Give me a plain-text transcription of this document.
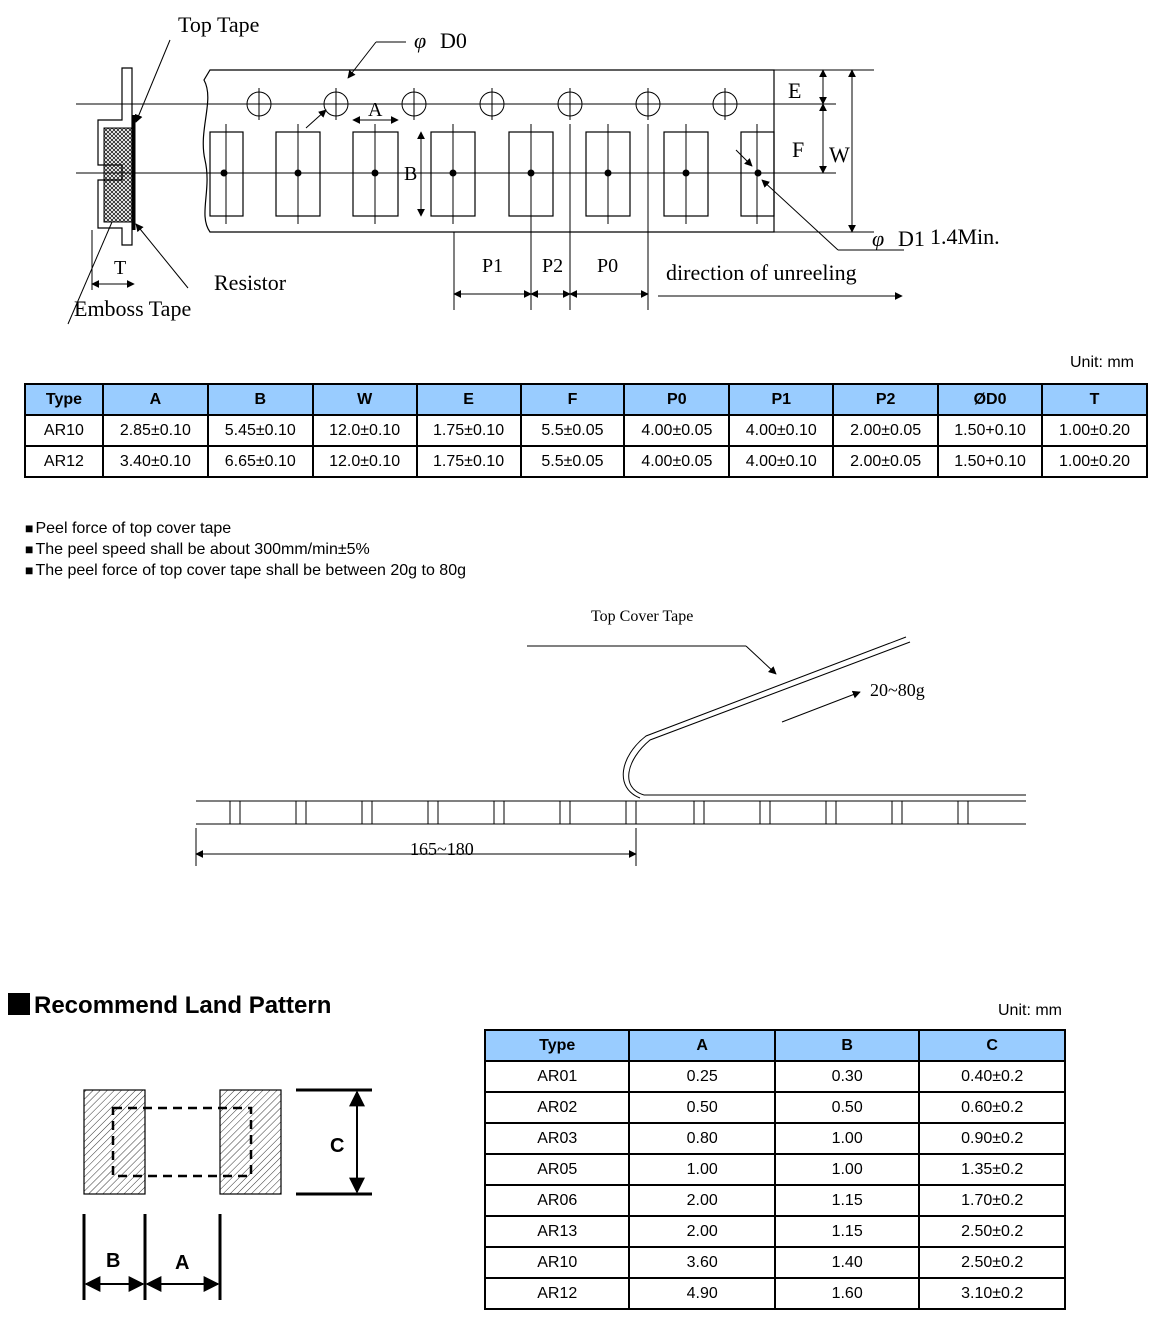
Top Tape
φ D0
A
B
E
F W
φ D1 1.4Min.
T
Resistor
Emboss Tape
P1 P2 P0 direction of unreeling
Unit: mm
Type	A	B	W	E	F	P0	P1	P2	ØD0	T
AR10	2.85±0.10	5.45±0.10	12.0±0.10	1.75±0.10	5.5±0.05	4.00±0.05	4.00±0.10	2.00±0.05	1.50+0.10	1.00±0.20
AR12	3.40±0.10	6.65±0.10	12.0±0.10	1.75±0.10	5.5±0.05	4.00±0.05	4.00±0.10	2.00±0.05	1.50+0.10	1.00±0.20
■ Peel force of top cover tape
■ The peel speed shall be about 300mm/min±5%
■ The peel force of top cover tape shall be between 20g to 80g
Top Cover Tape
20~80g
165~180
Recommend Land Pattern	Unit: mm
C
B	A
Type	A	B	C
AR01	0.25	0.30	0.40±0.2
AR02	0.50	0.50	0.60±0.2
AR03	0.80	1.00	0.90±0.2
AR05	1.00	1.00	1.35±0.2
AR06	2.00	1.15	1.70±0.2
AR13	2.00	1.15	2.50±0.2
AR10	3.60	1.40	2.50±0.2
AR12	4.90	1.60	3.10±0.2
